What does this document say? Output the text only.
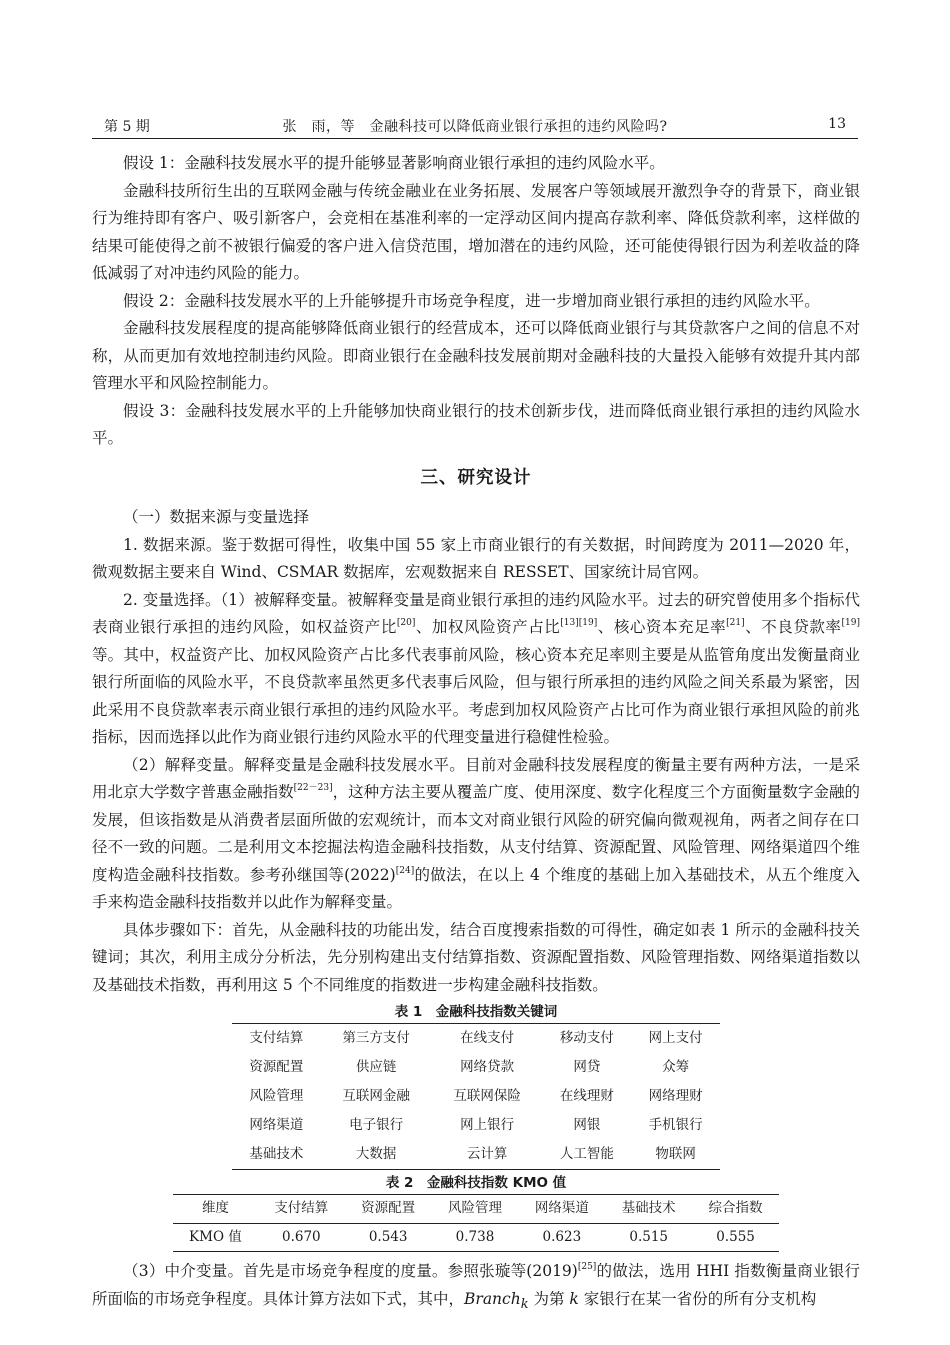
第 5 期	张　雨，等　金融科技可以降低商业银行承担的违约风险吗?	13

假设 1：金融科技发展水平的提升能够显著影响商业银行承担的违约风险水平。

金融科技所衍生出的互联网金融与传统金融业在业务拓展、发展客户等领域展开激烈争夺的背景下，商业银行为维持即有客户、吸引新客户，会竞相在基准利率的一定浮动区间内提高存款利率、降低贷款利率，这样做的结果可能使得之前不被银行偏爱的客户进入信贷范围，增加潜在的违约风险，还可能使得银行因为利差收益的降低减弱了对冲违约风险的能力。

假设 2：金融科技发展水平的上升能够提升市场竞争程度，进一步增加商业银行承担的违约风险水平。

金融科技发展程度的提高能够降低商业银行的经营成本，还可以降低商业银行与其贷款客户之间的信息不对称，从而更加有效地控制违约风险。即商业银行在金融科技发展前期对金融科技的大量投入能够有效提升其内部管理水平和风险控制能力。

假设 3：金融科技发展水平的上升能够加快商业银行的技术创新步伐，进而降低商业银行承担的违约风险水平。

三、研究设计

（一）数据来源与变量选择

1. 数据来源。鉴于数据可得性，收集中国 55 家上市商业银行的有关数据，时间跨度为 2011—2020 年，微观数据主要来自 Wind、CSMAR 数据库，宏观数据来自 RESSET、国家统计局官网。

2. 变量选择。（1）被解释变量。被解释变量是商业银行承担的违约风险水平。过去的研究曾使用多个指标代表商业银行承担的违约风险，如权益资产比[20]、加权风险资产占比[13][19]、核心资本充足率[21]、不良贷款率[19]等。其中，权益资产比、加权风险资产占比多代表事前风险，核心资本充足率则主要是从监管角度出发衡量商业银行所面临的风险水平，不良贷款率虽然更多代表事后风险，但与银行所承担的违约风险之间关系最为紧密，因此采用不良贷款率表示商业银行承担的违约风险水平。考虑到加权风险资产占比可作为商业银行承担风险的前兆指标，因而选择以此作为商业银行违约风险水平的代理变量进行稳健性检验。

（2）解释变量。解释变量是金融科技发展水平。目前对金融科技发展程度的衡量主要有两种方法，一是采用北京大学数字普惠金融指数[22－23]，这种方法主要从覆盖广度、使用深度、数字化程度三个方面衡量数字金融的发展，但该指数是从消费者层面所做的宏观统计，而本文对商业银行风险的研究偏向微观视角，两者之间存在口径不一致的问题。二是利用文本挖掘法构造金融科技指数，从支付结算、资源配置、风险管理、网络渠道四个维度构造金融科技指数。参考孙继国等(2022)[24]的做法，在以上 4 个维度的基础上加入基础技术，从五个维度入手来构造金融科技指数并以此作为解释变量。

具体步骤如下：首先，从金融科技的功能出发，结合百度搜索指数的可得性，确定如表 1 所示的金融科技关键词；其次，利用主成分分析法，先分别构建出支付结算指数、资源配置指数、风险管理指数、网络渠道指数以及基础技术指数，再利用这 5 个不同维度的指数进一步构建金融科技指数。

表 1　金融科技指数关键词
支付结算	第三方支付	在线支付	移动支付	网上支付
资源配置	供应链	网络贷款	网贷	众筹
风险管理	互联网金融	互联网保险	在线理财	网络理财
网络渠道	电子银行	网上银行	网银	手机银行
基础技术	大数据	云计算	人工智能	物联网
表 2　金融科技指数 KMO 值
维度	支付结算	资源配置	风险管理	网络渠道	基础技术	综合指数
KMO 值	0.670	0.543	0.738	0.623	0.515	0.555

（3）中介变量。首先是市场竞争程度的度量。参照张璇等(2019)[25]的做法，选用 HHI 指数衡量商业银行所面临的市场竞争程度。具体计算方法如下式，其中，Branch$_k$ 为第 k 家银行在某一省份的所有分支机构
